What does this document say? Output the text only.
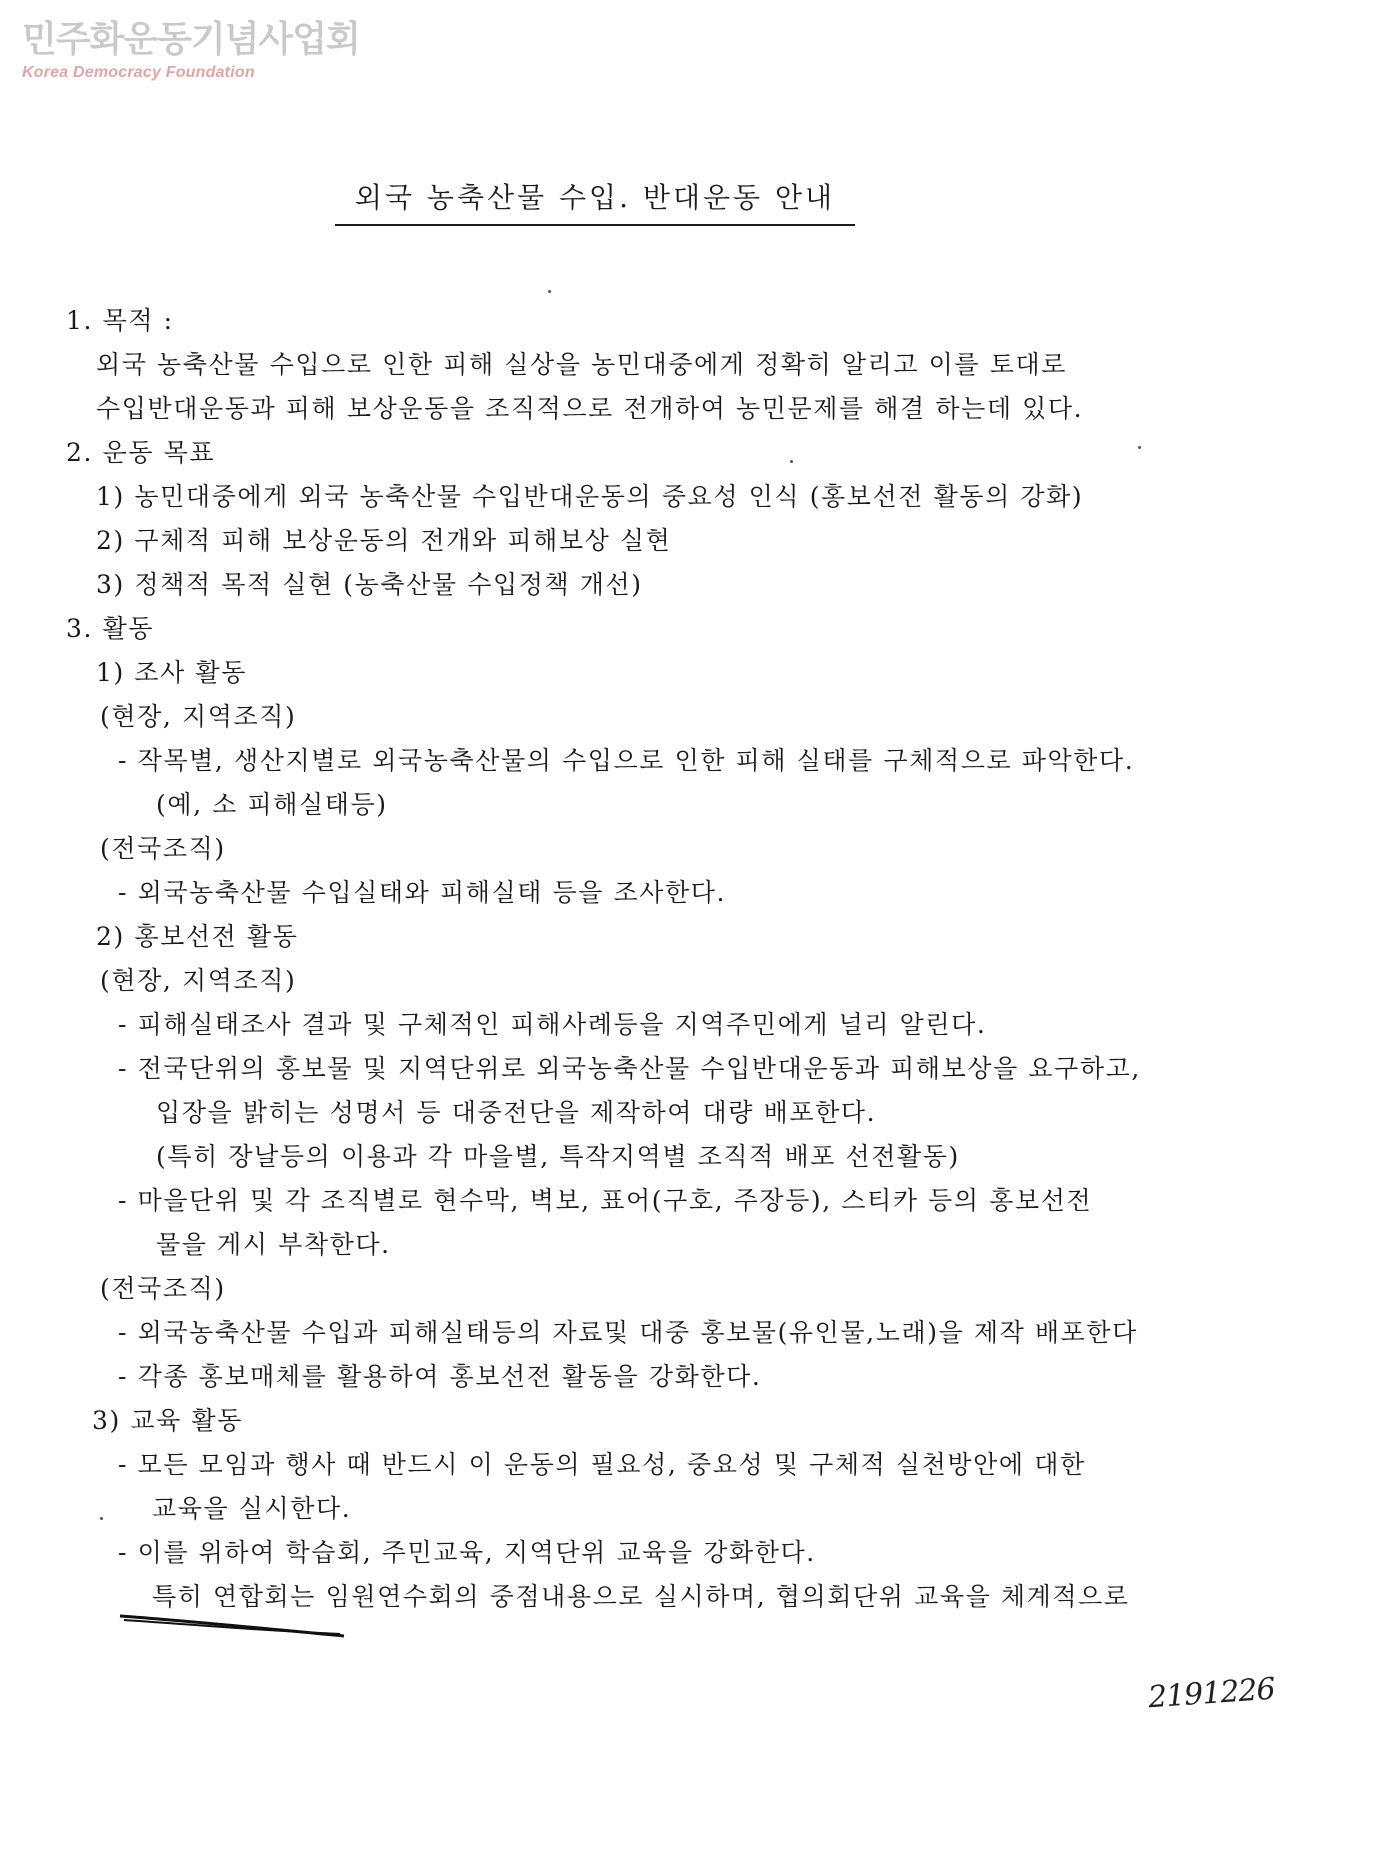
민주화운동기념사업회
Korea Democracy Foundation
외국 농축산물 수입. 반대운동 안내
1. 목적 :
외국 농축산물 수입으로 인한 피해 실상을 농민대중에게 정확히 알리고 이를 토대로
수입반대운동과 피해 보상운동을 조직적으로 전개하여 농민문제를 해결 하는데 있다.
2. 운동 목표
1) 농민대중에게 외국 농축산물 수입반대운동의 중요성 인식 (홍보선전 활동의 강화)
2) 구체적 피해 보상운동의 전개와 피해보상 실현
3) 정책적 목적 실현 (농축산물 수입정책 개선)
3. 활동
1) 조사 활동
(현장, 지역조직)
- 작목별, 생산지별로 외국농축산물의 수입으로 인한 피해 실태를 구체적으로 파악한다.
(예, 소 피해실태등)
(전국조직)
- 외국농축산물 수입실태와 피해실태 등을 조사한다.
2) 홍보선전 활동
(현장, 지역조직)
- 피해실태조사 결과 및 구체적인 피해사례등을 지역주민에게 널리 알린다.
- 전국단위의 홍보물 및 지역단위로 외국농축산물 수입반대운동과 피해보상을 요구하고,
입장을 밝히는 성명서 등 대중전단을 제작하여 대량 배포한다.
(특히 장날등의 이용과 각 마을별, 특작지역별 조직적 배포 선전활동)
- 마을단위 및 각 조직별로 현수막, 벽보, 표어(구호, 주장등), 스티카 등의 홍보선전
물을 게시 부착한다.
(전국조직)
- 외국농축산물 수입과 피해실태등의 자료및 대중 홍보물(유인물,노래)을 제작 배포한다
- 각종 홍보매체를 활용하여 홍보선전 활동을 강화한다.
3) 교육 활동
- 모든 모임과 행사 때 반드시 이 운동의 필요성, 중요성 및 구체적 실천방안에 대한
교육을 실시한다.
- 이를 위하여 학습회, 주민교육, 지역단위 교육을 강화한다.
특히 연합회는 임원연수회의 중점내용으로 실시하며, 협의회단위 교육을 체계적으로
2191226
